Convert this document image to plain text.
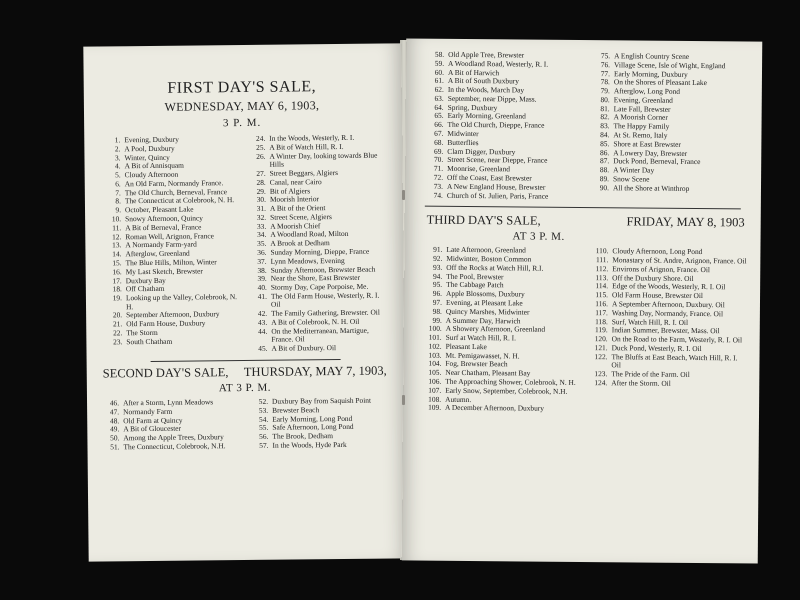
FIRST DAY'S SALE,

WEDNESDAY, MAY 6, 1903,

3 P. M.

1. Evening, Duxbury
2. A Pool, Duxbury
3. Winter, Quincy
4. A Bit of Annisquam
5. Cloudy Afternoon
6. An Old Farm, Normandy France.
7. The Old Church, Berneval, France
8. The Connecticut at Colebrook, N. H.
9. October, Pleasant Lake
10. Snowy Afternoon, Quincy
11. A Bit of Berneval, France
12. Roman Well, Arignon, France
13. A Normandy Farm-yard
14. Afterglow, Greenland
15. The Blue Hills, Milton, Winter
16. My Last Sketch, Brewster
17. Duxbury Bay
18. Off Chatham
19. Looking up the Valley, Colebrook, N. H.
20. September Afternoon, Duxbury
21. Old Farm House, Duxbury
22. The Storm
23. South Chatham
24. In the Woods, Westerly, R. I.
25. A Bit of Watch Hill, R. I.
26. A Winter Day, looking towards Blue Hills
27. Street Beggars, Algiers
28. Canal, near Cairo
29. Bit of Algiers
30. Moorish Interior
31. A Bit of the Orient
32. Street Scene, Algiers
33. A Moorish Chief
34. A Woodland Road, Milton
35. A Brook at Dedham
36. Sunday Morning, Dieppe, France
37. Lynn Meadows, Evening
38. Sunday Afternoon, Brewster Beach
39. Near the Shore, East Brewster
40. Stormy Day, Cape Porpoise, Me.
41. The Old Farm House, Westerly, R. I. Oil
42. The Family Gathering, Brewster. Oil
43. A Bit of Colebrook, N. H. Oil
44. On the Mediterranean, Martigue, France. Oil
45. A Bit of Duxbury. Oil
SECOND DAY'S SALE, THURSDAY, MAY 7, 1903,

AT 3 P. M.

46. After a Storm, Lynn Meadows
47. Normandy Farm
48. Old Farm at Quincy
49. A Bit of Gloucester
50. Among the Apple Trees, Duxbury
51. The Connecticut, Colebrook, N.H.
52. Duxbury Bay from Saquish Point
53. Brewster Beach
54. Early Morning, Long Pond
55. Safe Afternoon, Long Pond
56. The Brook, Dedham
57. In the Woods, Hyde Park
58. Old Apple Tree, Brewster
59. A Woodland Road, Westerly, R. I.
60. A Bit of Harwich
61. A Bit of South Duxbury
62. In the Woods, March Day
63. September, near Dippe, Mass.
64. Spring, Duxbury
65. Early Morning, Greenland
66. The Old Church, Dieppe, France
67. Midwinter
68. Butterflies
69. Clam Digger, Duxbury
70. Street Scene, near Dieppe, France
71. Moonrise, Greenland
72. Off the Coast, East Brewster
73. A New England House, Brewster
74. Church of St. Julien, Paris, France
75. A English Country Scene
76. Village Scene, Isle of Wight, England
77. Early Morning, Duxbury
78. On the Shores of Pleasant Lake
79. Afterglow, Long Pond
80. Evening, Greenland
81. Late Fall, Brewster
82. A Moorish Corner
83. The Happy Family
84. At St. Remo, Italy
85. Shore at East Brewster
86. A Lowery Day, Brewster
87. Duck Pond, Berneval, France
88. A Winter Day
89. Snow Scene
90. All the Shore at Winthrop
THIRD DAY'S SALE,	FRIDAY, MAY 8, 1903

AT 3 P. M.

91. Late Afternoon, Greenland
92. Midwinter, Boston Common
93. Off the Rocks at Watch Hill, R.I.
94. The Pool, Brewster
95. The Cabbage Patch
96. Apple Blossoms, Duxbury
97. Evening, at Pleasant Lake
98. Quincy Marshes, Midwinter
99. A Summer Day, Harwich
100. A Showery Afternoon, Greenland
101. Surf at Watch Hill, R. I.
102. Pleasant Lake
103. Mt. Pemigawasset, N. H.
104. Fog, Brewster Beach
105. Near Chatham, Pleasant Bay
106. The Approaching Shower, Colebrook, N. H.
107. Early Snow, September, Colebrook, N.H.
108. Autumn.
109. A December Afternoon, Duxbury
110. Cloudy Afternoon, Long Pond
111. Monastary of St. Andre, Arignon, France. Oil
112. Environs of Arignon, France. Oil
113. Off the Duxbury Shore. Oil
114. Edge of the Woods, Westerly, R. I. Oil
115. Old Farm House, Brewster Oil
116. A September Afternoon, Duxbury. Oil
117. Washing Day, Normandy, France. Oil
118. Surf, Watch Hill, R. I. Oil
119. Indian Summer, Brewster, Mass. Oil
120. On the Road to the Farm, Westerly, R. I. Oil
121. Duck Pond, Westerly, R. I. Oil
122. The Bluffs at East Beach, Watch Hill, R. I. Oil
123. The Pride of the Farm. Oil
124. After the Storm. Oil
